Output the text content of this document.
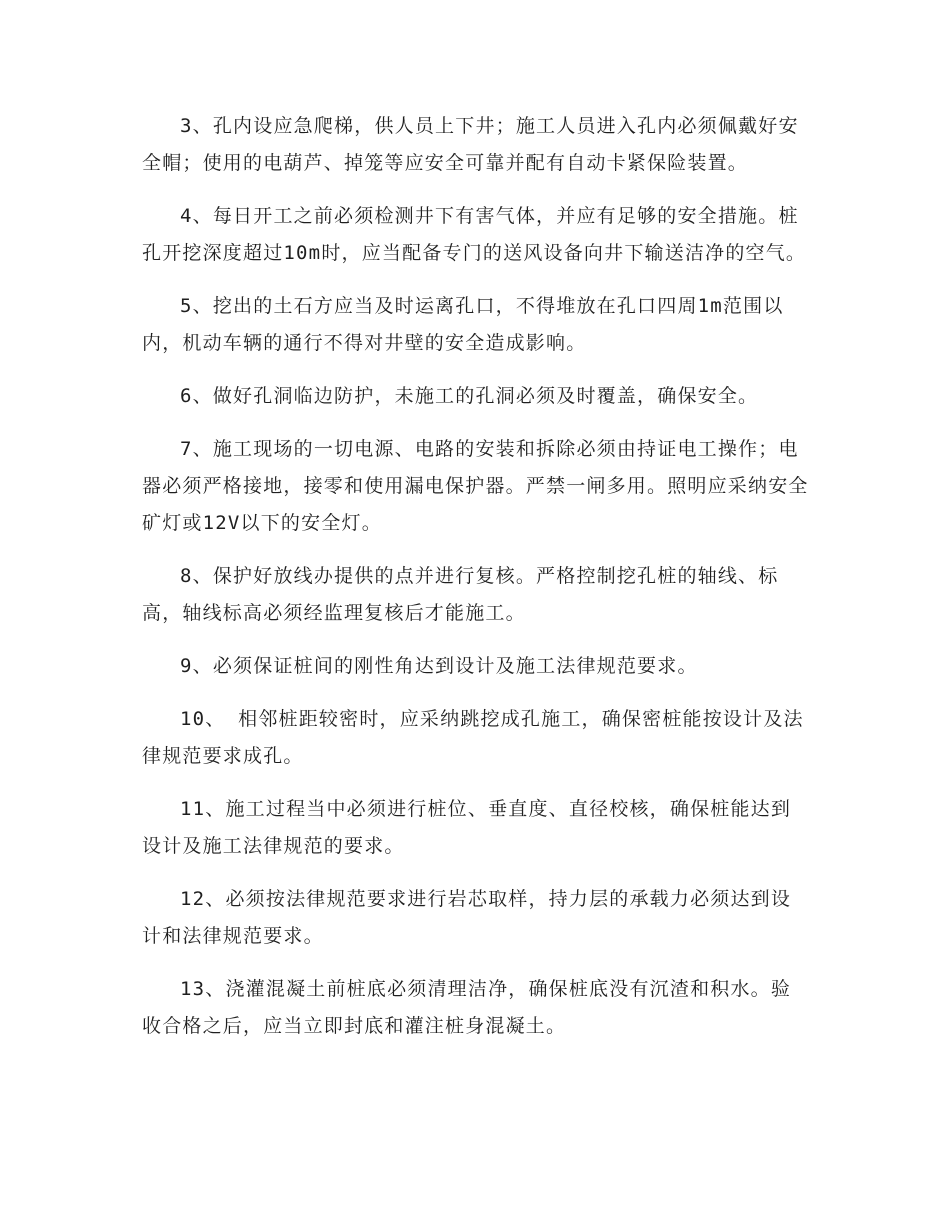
3、孔内设应急爬梯，供人员上下井；施工人员进入孔内必须佩戴好安全帽；使用的电葫芦、掉笼等应安全可靠并配有自动卡紧保险装置。

4、每日开工之前必须检测井下有害气体，并应有足够的安全措施。桩孔开挖深度超过10m时，应当配备专门的送风设备向井下输送洁净的空气。

5、挖出的土石方应当及时运离孔口，不得堆放在孔口四周1m范围以内，机动车辆的通行不得对井壁的安全造成影响。

6、做好孔洞临边防护，未施工的孔洞必须及时覆盖，确保安全。

7、施工现场的一切电源、电路的安装和拆除必须由持证电工操作；电器必须严格接地，接零和使用漏电保护器。严禁一闸多用。照明应采纳安全矿灯或12V以下的安全灯。

8、保护好放线办提供的点并进行复核。严格控制挖孔桩的轴线、标高，轴线标高必须经监理复核后才能施工。

9、必须保证桩间的刚性角达到设计及施工法律规范要求。

10、 相邻桩距较密时，应采纳跳挖成孔施工，确保密桩能按设计及法律规范要求成孔。

11、施工过程当中必须进行桩位、垂直度、直径校核，确保桩能达到设计及施工法律规范的要求。

12、必须按法律规范要求进行岩芯取样，持力层的承载力必须达到设计和法律规范要求。

13、浇灌混凝土前桩底必须清理洁净，确保桩底没有沉渣和积水。验收合格之后，应当立即封底和灌注桩身混凝土。
